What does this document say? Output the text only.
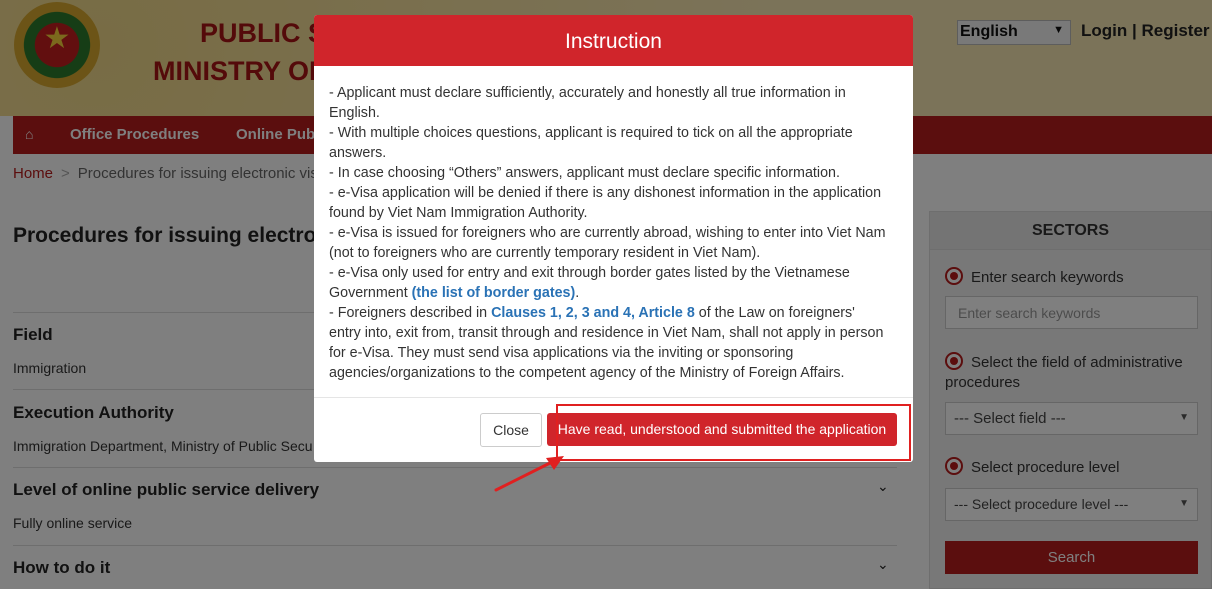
Instruction
- Applicant must declare sufficiently, accurately and honestly all true information in
English.
- With multiple choices questions, applicant is required to tick on all the appropriate
answers.
- In case choosing “Others” answers, applicant must declare specific information.
- e-Visa application will be denied if there is any dishonest information in the application
found by Viet Nam Immigration Authority.
- e-Visa is issued for foreigners who are currently abroad, wishing to enter into Viet Nam
(not to foreigners who are currently temporary resident in Viet Nam).
- e-Visa only used for entry and exit through border gates listed by the Vietnamese
Government (the list of border gates).
- Foreigners described in Clauses 1, 2, 3 and 4, Article 8 of the Law on foreigners'
entry into, exit from, transit through and residence in Viet Nam, shall not apply in person
for e-Visa. They must send visa applications via the inviting or sponsoring
agencies/organizations to the competent agency of the Ministry of Foreign Affairs.
Close	Have read, understood and submitted the application
